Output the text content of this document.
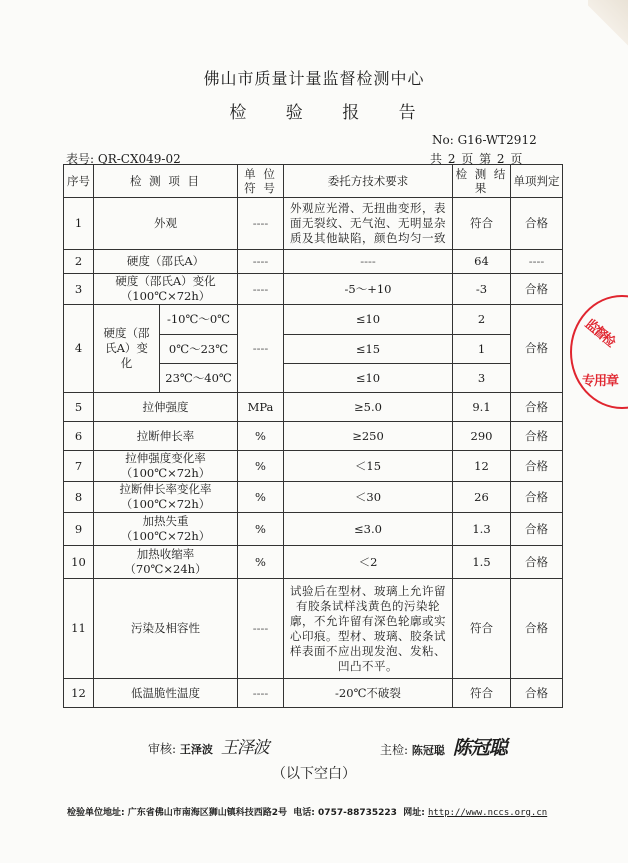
佛山市质量计量监督检测中心
检 验 报 告
No: G16-WT2912
表号: QR-CX049-02	共 2 页 第 2 页
序号	检 测 项 目		单 位 符 号	委托方技术要求	检 测 结 果	单项判定
1	外观		----	外观应光滑、无扭曲变形，表面无裂纹、无气泡、无明显杂质及其他缺陷，颜色均匀一致	符合	合格
2	硬度（邵氏A）		----	----	64	----
3	硬度（邵氏A）变化
（100℃×72h）		----	-5～+10	-3	合格
4	硬度（邵氏A）变化	-10℃～0℃	----	≤10	2	合格
		0℃～23℃		≤15	1	
		23℃～40℃		≤10	3	
5	拉伸强度		MPa	≥5.0	9.1	合格
6	拉断伸长率		%	≥250	290	合格
7	拉伸强度变化率
（100℃×72h）		%	＜15	12	合格
8	拉断伸长率变化率
（100℃×72h）		%	＜30	26	合格
9	加热失重
（100℃×72h）		%	≤3.0	1.3	合格
10	加热收缩率
（70℃×24h）		%	＜2	1.5	合格
11	污染及相容性		----	试验后在型材、玻璃上允许留有胶条试样浅黄色的污染轮廓，不允许留有深色轮廓或实心印痕。型材、玻璃、胶条试样表面不应出现发泡、发粘、凹凸不平。	符合	合格
12	低温脆性温度		----	-20℃不破裂	符合	合格
审核: 王泽波 王泽波	主检: 陈冠聪 陈冠聪
（以下空白）
检验单位地址: 广东省佛山市南海区狮山镇科技西路2号 电话: 0757-88735223 网址: http://www.nccs.org.cn
监督检
专用章
